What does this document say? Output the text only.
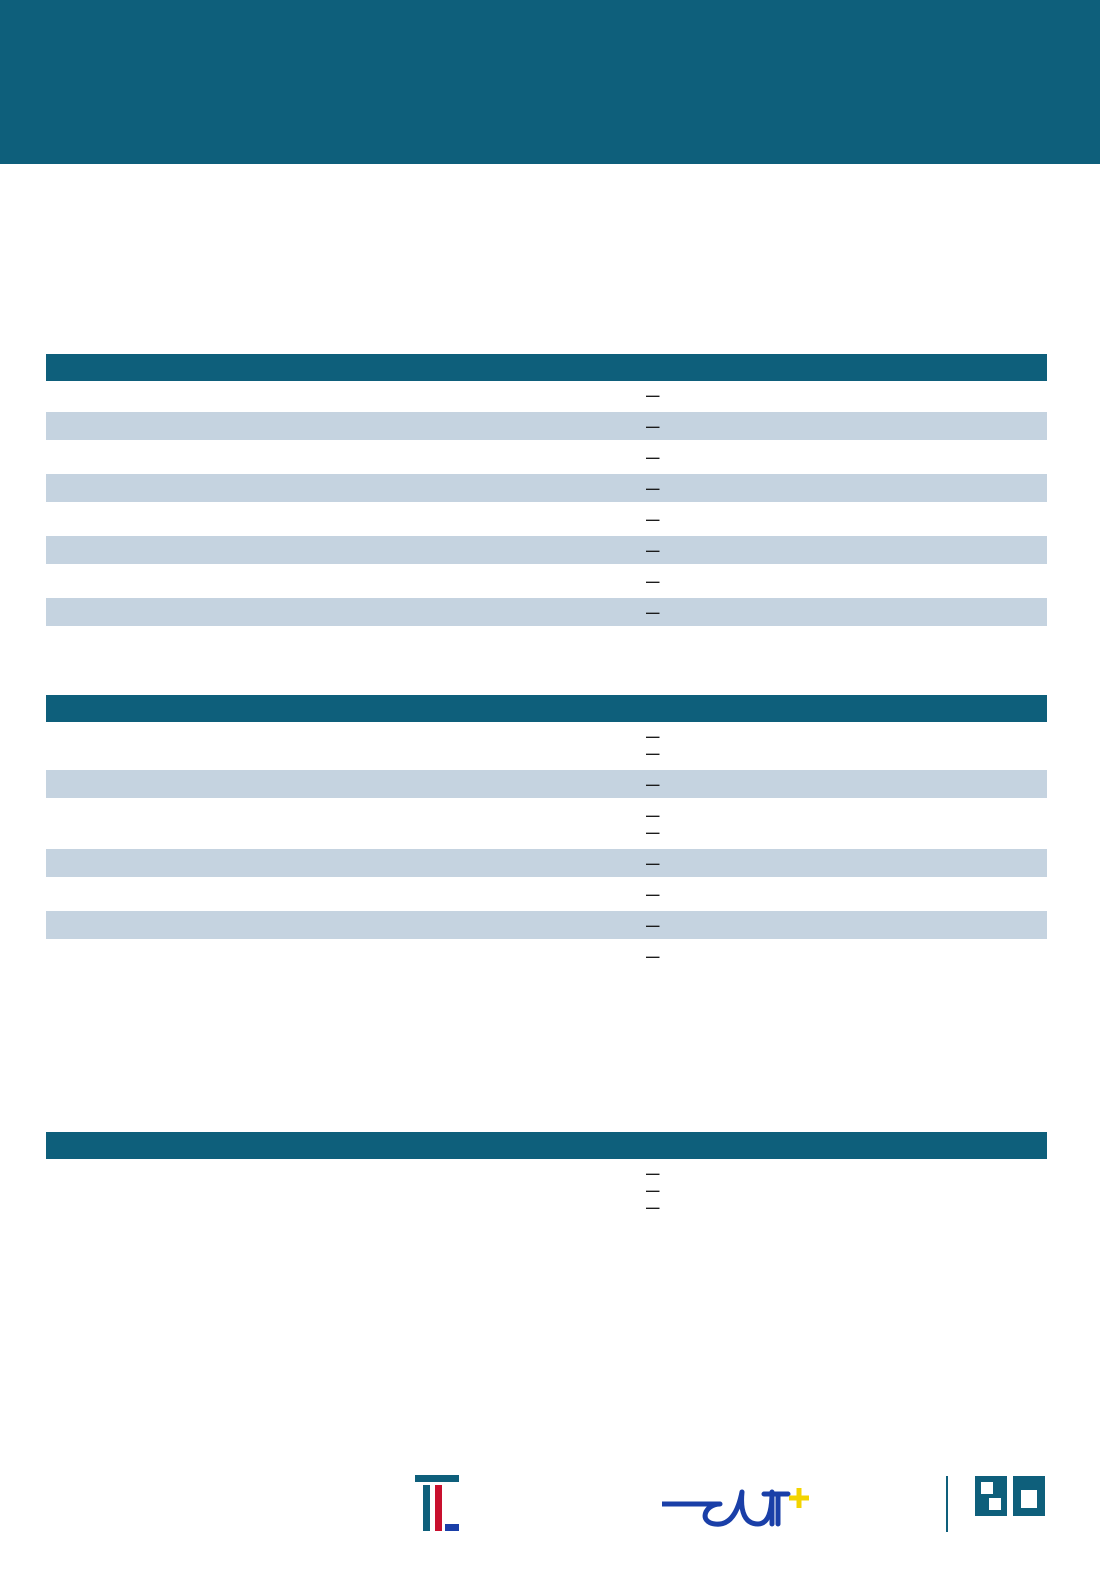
—

—

—

—

—

—

—

—

—
—

—

—
—

—

—

—

—

—
—
—
